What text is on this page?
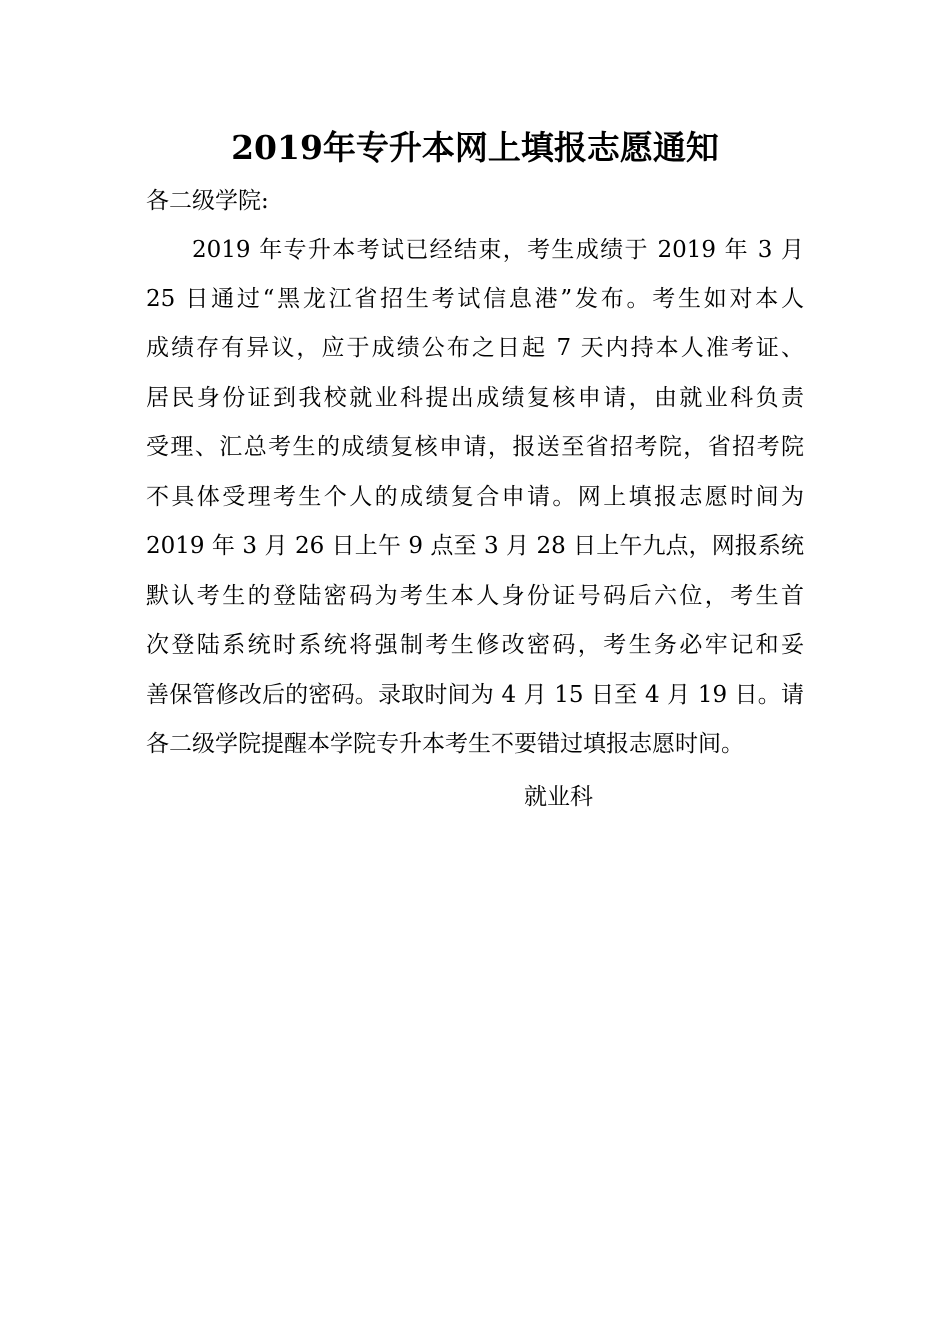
2019年专升本网上填报志愿通知
各二级学院:
2019 年专升本考试已经结束，考生成绩于 2019 年 3 月
25 日通过“黑龙江省招生考试信息港”发布。考生如对本人
成绩存有异议，应于成绩公布之日起 7 天内持本人准考证、
居民身份证到我校就业科提出成绩复核申请，由就业科负责
受理、汇总考生的成绩复核申请，报送至省招考院，省招考院
不具体受理考生个人的成绩复合申请。网上填报志愿时间为
2019 年 3 月 26 日上午 9 点至 3 月 28 日上午九点，网报系统
默认考生的登陆密码为考生本人身份证号码后六位，考生首
次登陆系统时系统将强制考生修改密码，考生务必牢记和妥
善保管修改后的密码。录取时间为 4 月 15 日至 4 月 19 日。请
各二级学院提醒本学院专升本考生不要错过填报志愿时间。
就业科
